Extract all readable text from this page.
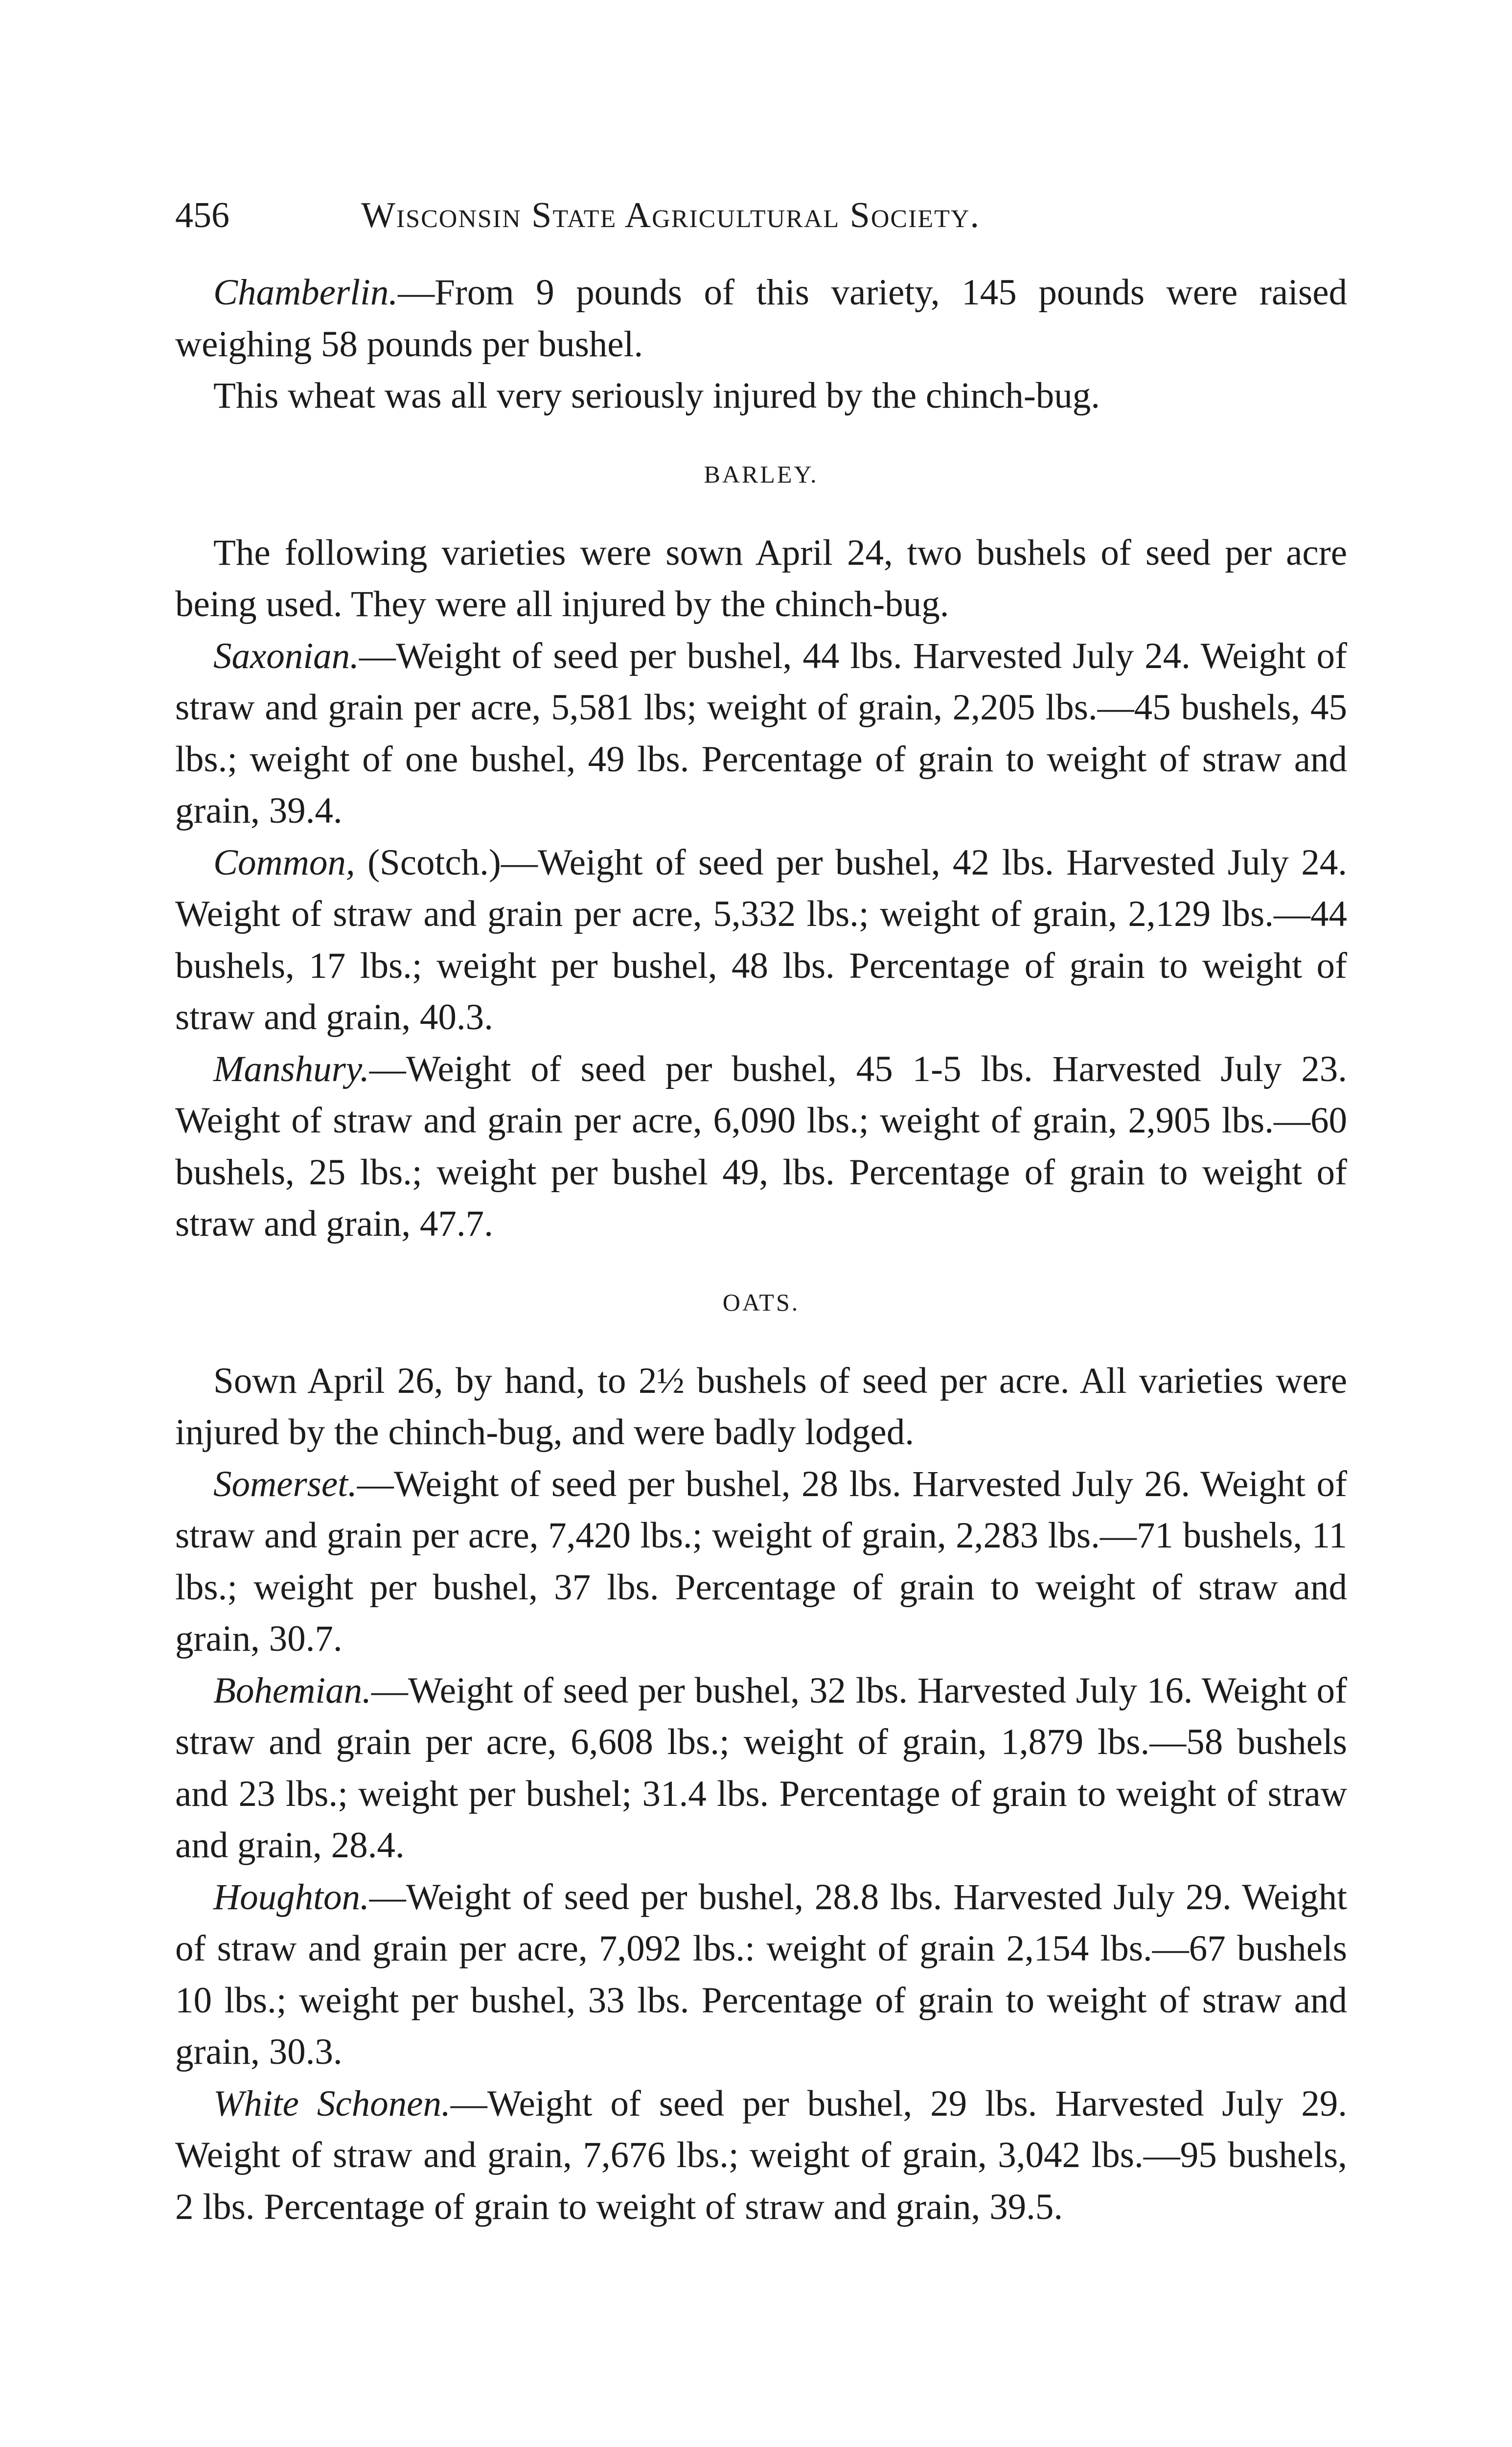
456	Wisconsin State Agricultural Society.

Chamberlin.—From 9 pounds of this variety, 145 pounds were raised weighing 58 pounds per bushel.

This wheat was all very seriously injured by the chinch-bug.

BARLEY.

The following varieties were sown April 24, two bushels of seed per acre being used. They were all injured by the chinch-bug.

Saxonian.—Weight of seed per bushel, 44 lbs. Harvested July 24. Weight of straw and grain per acre, 5,581 lbs; weight of grain, 2,205 lbs.—45 bushels, 45 lbs.; weight of one bushel, 49 lbs. Percentage of grain to weight of straw and grain, 39.4.

Common, (Scotch.)—Weight of seed per bushel, 42 lbs. Harvested July 24. Weight of straw and grain per acre, 5,332 lbs.; weight of grain, 2,129 lbs.—44 bushels, 17 lbs.; weight per bushel, 48 lbs. Percentage of grain to weight of straw and grain, 40.3.

Manshury.—Weight of seed per bushel, 45 1-5 lbs. Harvested July 23. Weight of straw and grain per acre, 6,090 lbs.; weight of grain, 2,905 lbs.—60 bushels, 25 lbs.; weight per bushel 49, lbs. Percentage of grain to weight of straw and grain, 47.7.

OATS.

Sown April 26, by hand, to 2½ bushels of seed per acre. All varieties were injured by the chinch-bug, and were badly lodged.

Somerset.—Weight of seed per bushel, 28 lbs. Harvested July 26. Weight of straw and grain per acre, 7,420 lbs.; weight of grain, 2,283 lbs.—71 bushels, 11 lbs.; weight per bushel, 37 lbs. Percentage of grain to weight of straw and grain, 30.7.

Bohemian.—Weight of seed per bushel, 32 lbs. Harvested July 16. Weight of straw and grain per acre, 6,608 lbs.; weight of grain, 1,879 lbs.—58 bushels and 23 lbs.; weight per bushel; 31.4 lbs. Percentage of grain to weight of straw and grain, 28.4.

Houghton.—Weight of seed per bushel, 28.8 lbs. Harvested July 29. Weight of straw and grain per acre, 7,092 lbs.: weight of grain 2,154 lbs.—67 bushels 10 lbs.; weight per bushel, 33 lbs. Percentage of grain to weight of straw and grain, 30.3.

White Schonen.—Weight of seed per bushel, 29 lbs. Harvested July 29. Weight of straw and grain, 7,676 lbs.; weight of grain, 3,042 lbs.—95 bushels, 2 lbs. Percentage of grain to weight of straw and grain, 39.5.
